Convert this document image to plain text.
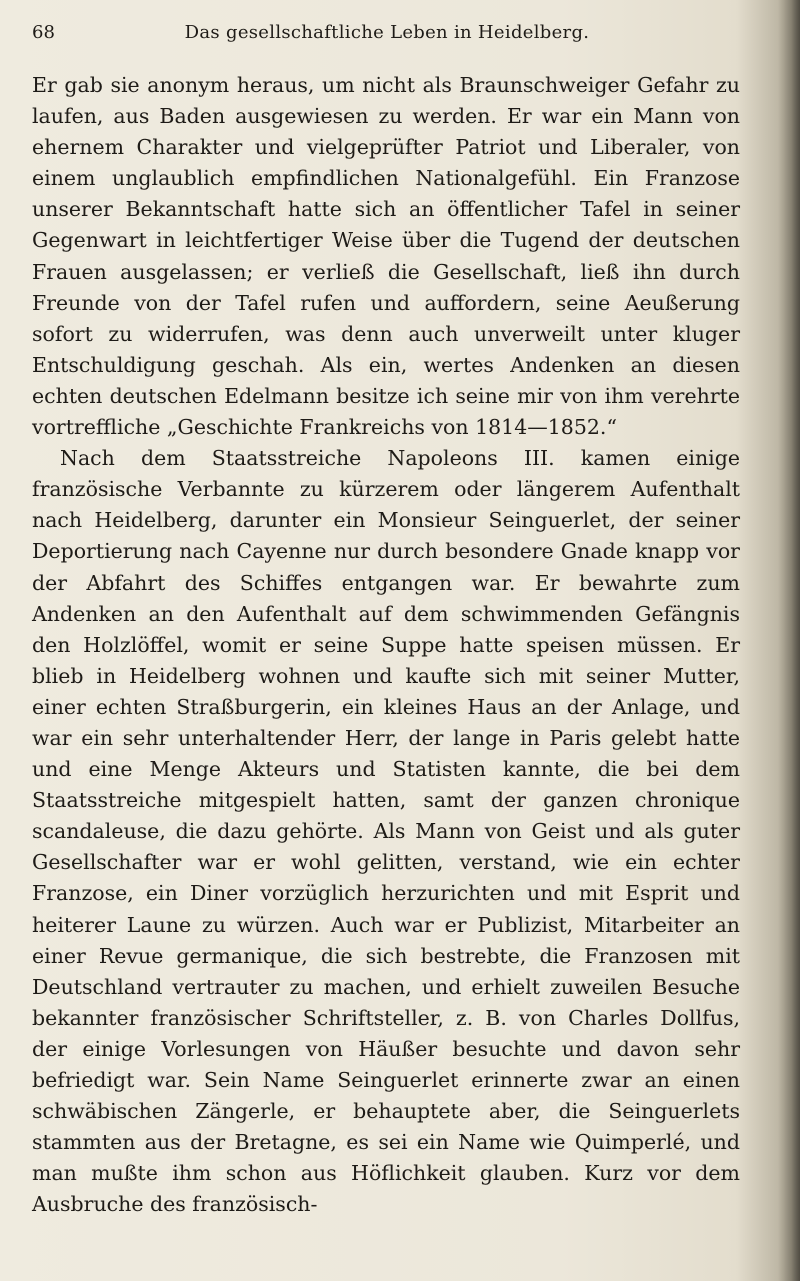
68	Das gesellschaftliche Leben in Heidelberg.

Er gab sie anonym heraus, um nicht als Braunschweiger Gefahr zu laufen, aus Baden ausgewiesen zu werden. Er war ein Mann von ehernem Charakter und vielgeprüfter Patriot und Liberaler, von einem unglaublich empfindlichen Nationalgefühl. Ein Franzose unserer Bekanntschaft hatte sich an öffentlicher Tafel in seiner Gegenwart in leichtfertiger Weise über die Tugend der deutschen Frauen ausgelassen; er verließ die Gesellschaft, ließ ihn durch Freunde von der Tafel rufen und auffordern, seine Aeußerung sofort zu widerrufen, was denn auch unverweilt unter kluger Entschuldigung geschah. Als ein, wertes Andenken an diesen echten deutschen Edelmann besitze ich seine mir von ihm verehrte vortreffliche „Geschichte Frankreichs von 1814—1852.“

Nach dem Staatsstreiche Napoleons III. kamen einige französische Verbannte zu kürzerem oder längerem Aufenthalt nach Heidelberg, darunter ein Monsieur Seinguerlet, der seiner Deportierung nach Cayenne nur durch besondere Gnade knapp vor der Abfahrt des Schiffes entgangen war. Er bewahrte zum Andenken an den Aufenthalt auf dem schwimmenden Gefängnis den Holzlöffel, womit er seine Suppe hatte speisen müssen. Er blieb in Heidelberg wohnen und kaufte sich mit seiner Mutter, einer echten Straßburgerin, ein kleines Haus an der Anlage, und war ein sehr unterhaltender Herr, der lange in Paris gelebt hatte und eine Menge Akteurs und Statisten kannte, die bei dem Staatsstreiche mitgespielt hatten, samt der ganzen chronique scandaleuse, die dazu gehörte. Als Mann von Geist und als guter Gesellschafter war er wohl gelitten, verstand, wie ein echter Franzose, ein Diner vorzüglich herzurichten und mit Esprit und heiterer Laune zu würzen. Auch war er Publizist, Mitarbeiter an einer Revue germanique, die sich bestrebte, die Franzosen mit Deutschland vertrauter zu machen, und erhielt zuweilen Besuche bekannter französischer Schriftsteller, z. B. von Charles Dollfus, der einige Vorlesungen von Häußer besuchte und davon sehr befriedigt war. Sein Name Seinguerlet erinnerte zwar an einen schwäbischen Zängerle, er behauptete aber, die Seinguerlets stammten aus der Bretagne, es sei ein Name wie Quimperlé, und man mußte ihm schon aus Höflichkeit glauben. Kurz vor dem Ausbruche des französisch-
